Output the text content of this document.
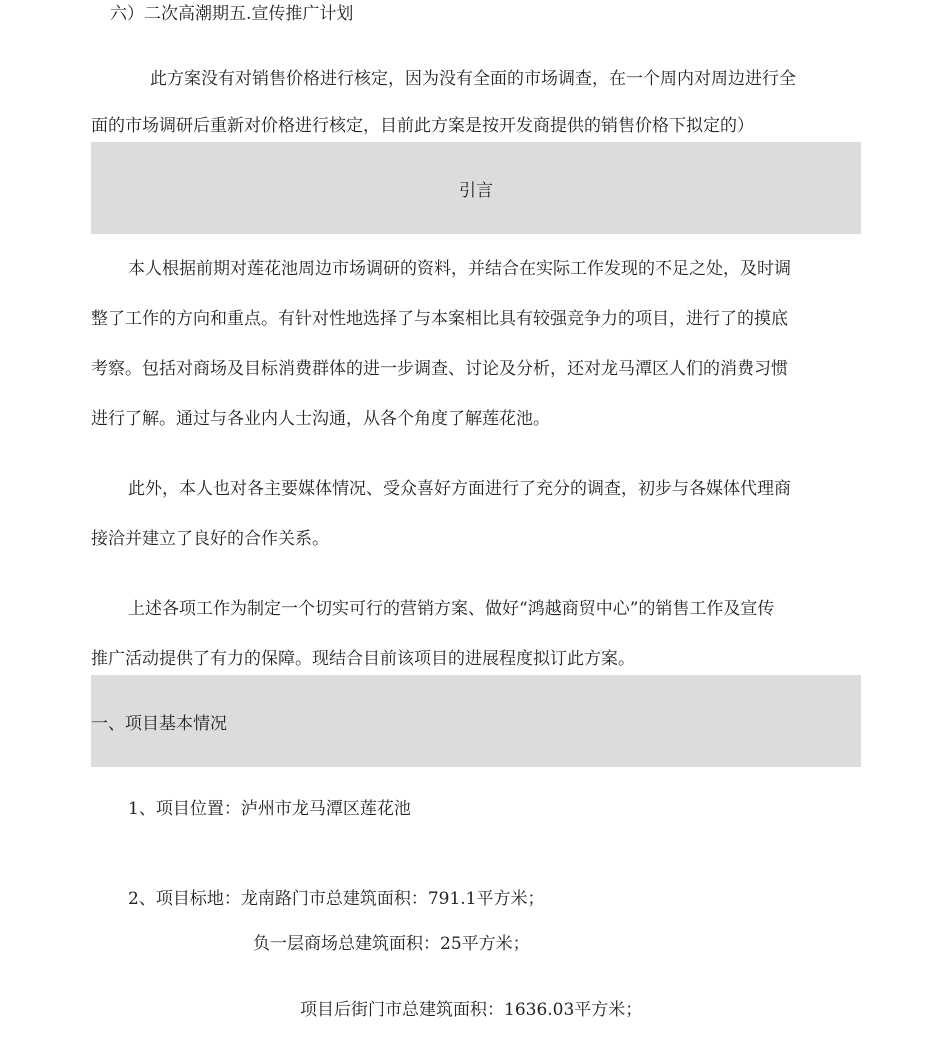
六）二次高潮期五.宣传推广计划
此方案没有对销售价格进行核定，因为没有全面的市场调查，在一个周内对周边进行全
面的市场调研后重新对价格进行核定，目前此方案是按开发商提供的销售价格下拟定的）
引言
本人根据前期对莲花池周边市场调研的资料，并结合在实际工作发现的不足之处，及时调
整了工作的方向和重点。有针对性地选择了与本案相比具有较强竞争力的项目，进行了的摸底
考察。包括对商场及目标消费群体的进一步调查、讨论及分析，还对龙马潭区人们的消费习惯
进行了解。通过与各业内人士沟通，从各个角度了解莲花池。
此外，本人也对各主要媒体情况、受众喜好方面进行了充分的调查，初步与各媒体代理商
接洽并建立了良好的合作关系。
上述各项工作为制定一个切实可行的营销方案、做好“鸿越商贸中心”的销售工作及宣传
推广活动提供了有力的保障。现结合目前该项目的进展程度拟订此方案。
一、项目基本情况
1、项目位置：泸州市龙马潭区莲花池
2、项目标地：龙南路门市总建筑面积：791.1平方米；
负一层商场总建筑面积：25平方米；
项目后街门市总建筑面积：1636.03平方米；
